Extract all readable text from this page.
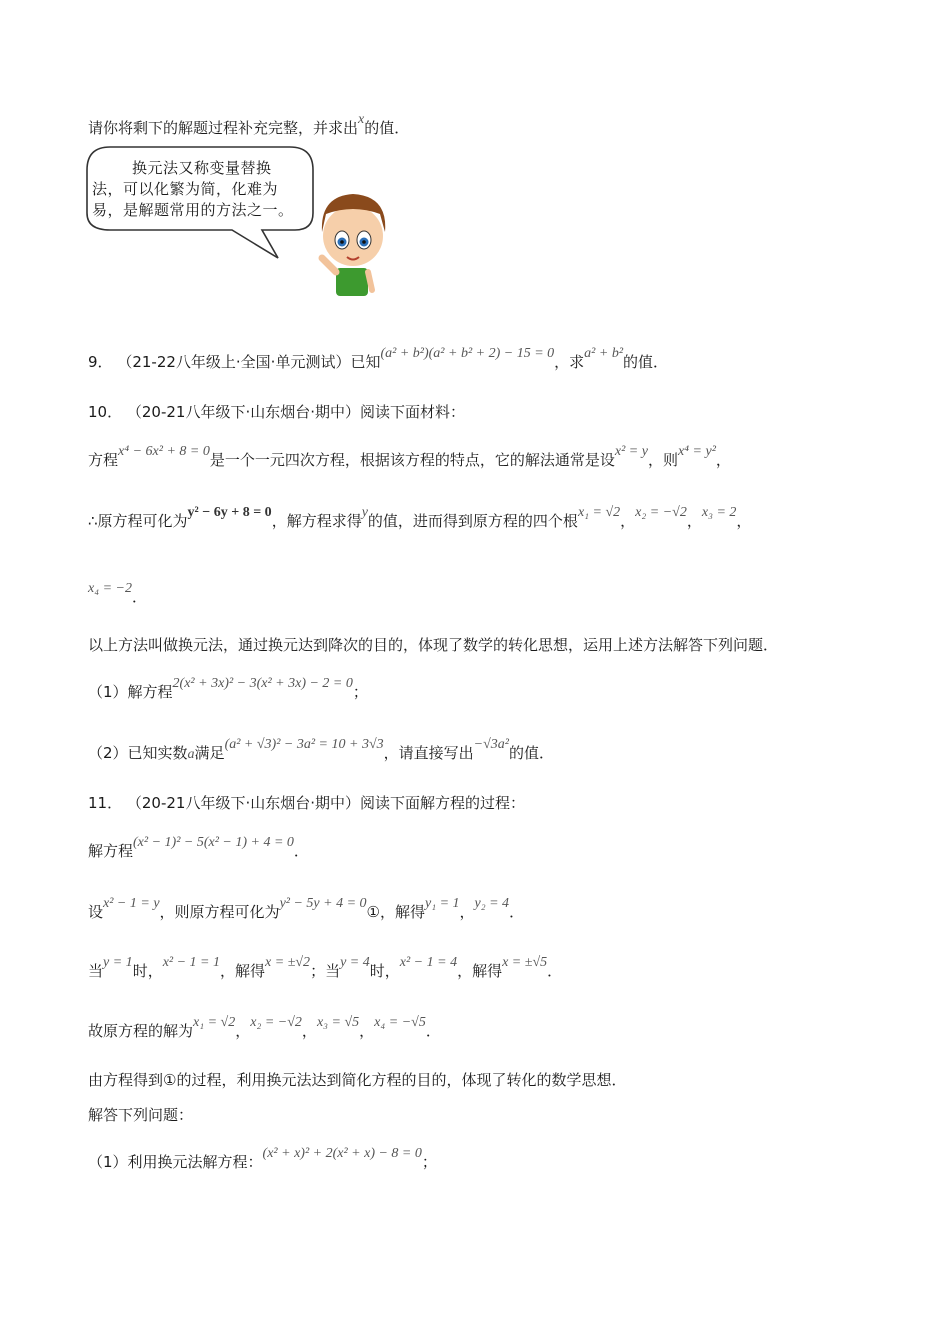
请你将剩下的解题过程补充完整，并求出x的值．
换元法又称变量替换法，可以化繁为简，化难为易，是解题常用的方法之一。
9． （21-22八年级上·全国·单元测试）已知(a² + b²)(a² + b² + 2) − 15 = 0，求a² + b²的值．
10． （20-21八年级下·山东烟台·期中）阅读下面材料：
方程x⁴ − 6x² + 8 = 0是一个一元四次方程，根据该方程的特点，它的解法通常是设x² = y，则x⁴ = y²，
∴原方程可化为y² − 6y + 8 = 0，解方程求得y的值，进而得到原方程的四个根x₁ = √2，x₂ = −√2，x₃ = 2，
x₄ = −2．
以上方法叫做换元法，通过换元达到降次的目的，体现了数学的转化思想，运用上述方法解答下列问题．
（1）解方程2(x² + 3x)² − 3(x² + 3x) − 2 = 0；
（2）已知实数a满足(a² + √3)² − 3a² = 10 + 3√3，请直接写出−√3a²的值．
11． （20-21八年级下·山东烟台·期中）阅读下面解方程的过程：
解方程(x² − 1)² − 5(x² − 1) + 4 = 0．
设x² − 1 = y，则原方程可化为y² − 5y + 4 = 0①，解得y₁ = 1，y₂ = 4．
当y = 1时，x² − 1 = 1，解得x = ±√2；当y = 4时，x² − 1 = 4，解得x = ±√5．
故原方程的解为x₁ = √2，x₂ = −√2，x₃ = √5，x₄ = −√5．
由方程得到①的过程，利用换元法达到简化方程的目的，体现了转化的数学思想．
解答下列问题：
（1）利用换元法解方程：(x² + x)² + 2(x² + x) − 8 = 0；
